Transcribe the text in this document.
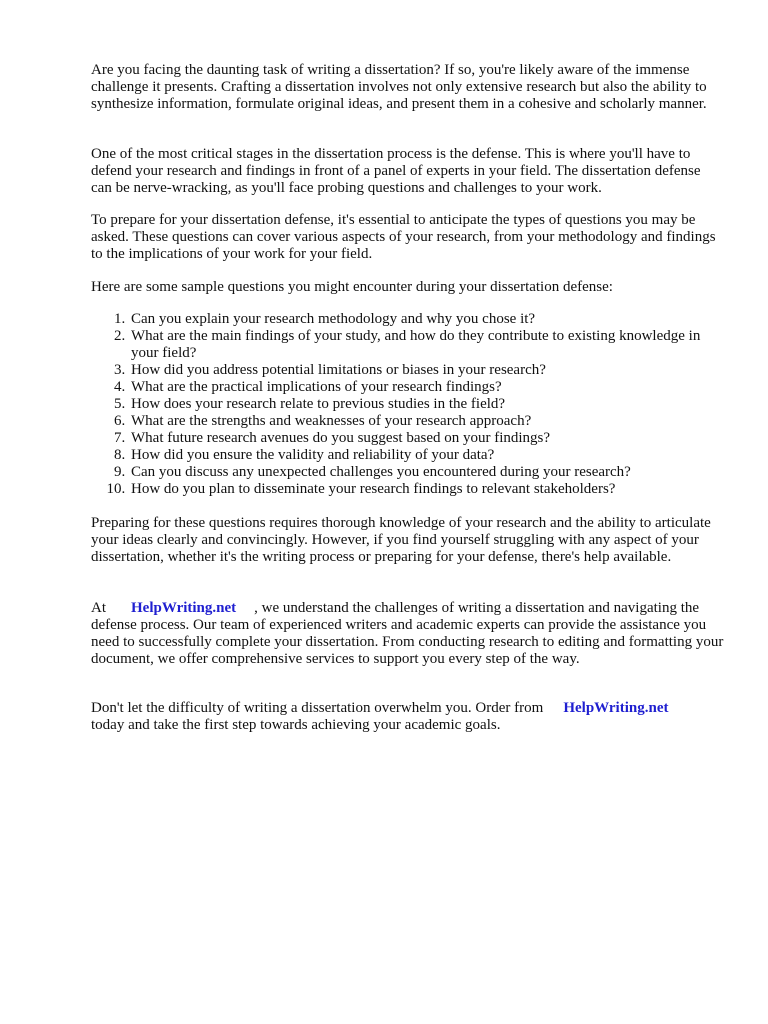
Are you facing the daunting task of writing a dissertation? If so, you're likely aware of the immense challenge it presents. Crafting a dissertation involves not only extensive research but also the ability to synthesize information, formulate original ideas, and present them in a cohesive and scholarly manner.

One of the most critical stages in the dissertation process is the defense. This is where you'll have to defend your research and findings in front of a panel of experts in your field. The dissertation defense can be nerve-wracking, as you'll face probing questions and challenges to your work.

To prepare for your dissertation defense, it's essential to anticipate the types of questions you may be asked. These questions can cover various aspects of your research, from your methodology and findings to the implications of your work for your field.

Here are some sample questions you might encounter during your dissertation defense:

1. Can you explain your research methodology and why you chose it?
2. What are the main findings of your study, and how do they contribute to existing knowledge in your field?
3. How did you address potential limitations or biases in your research?
4. What are the practical implications of your research findings?
5. How does your research relate to previous studies in the field?
6. What are the strengths and weaknesses of your research approach?
7. What future research avenues do you suggest based on your findings?
8. How did you ensure the validity and reliability of your data?
9. Can you discuss any unexpected challenges you encountered during your research?
10. How do you plan to disseminate your research findings to relevant stakeholders?

Preparing for these questions requires thorough knowledge of your research and the ability to articulate your ideas clearly and convincingly. However, if you find yourself struggling with any aspect of your dissertation, whether it's the writing process or preparing for your defense, there's help available.

At HelpWriting.net , we understand the challenges of writing a dissertation and navigating the defense process. Our team of experienced writers and academic experts can provide the assistance you need to successfully complete your dissertation. From conducting research to editing and formatting your document, we offer comprehensive services to support you every step of the way.

Don't let the difficulty of writing a dissertation overwhelm you. Order from HelpWriting.net
today and take the first step towards achieving your academic goals.
